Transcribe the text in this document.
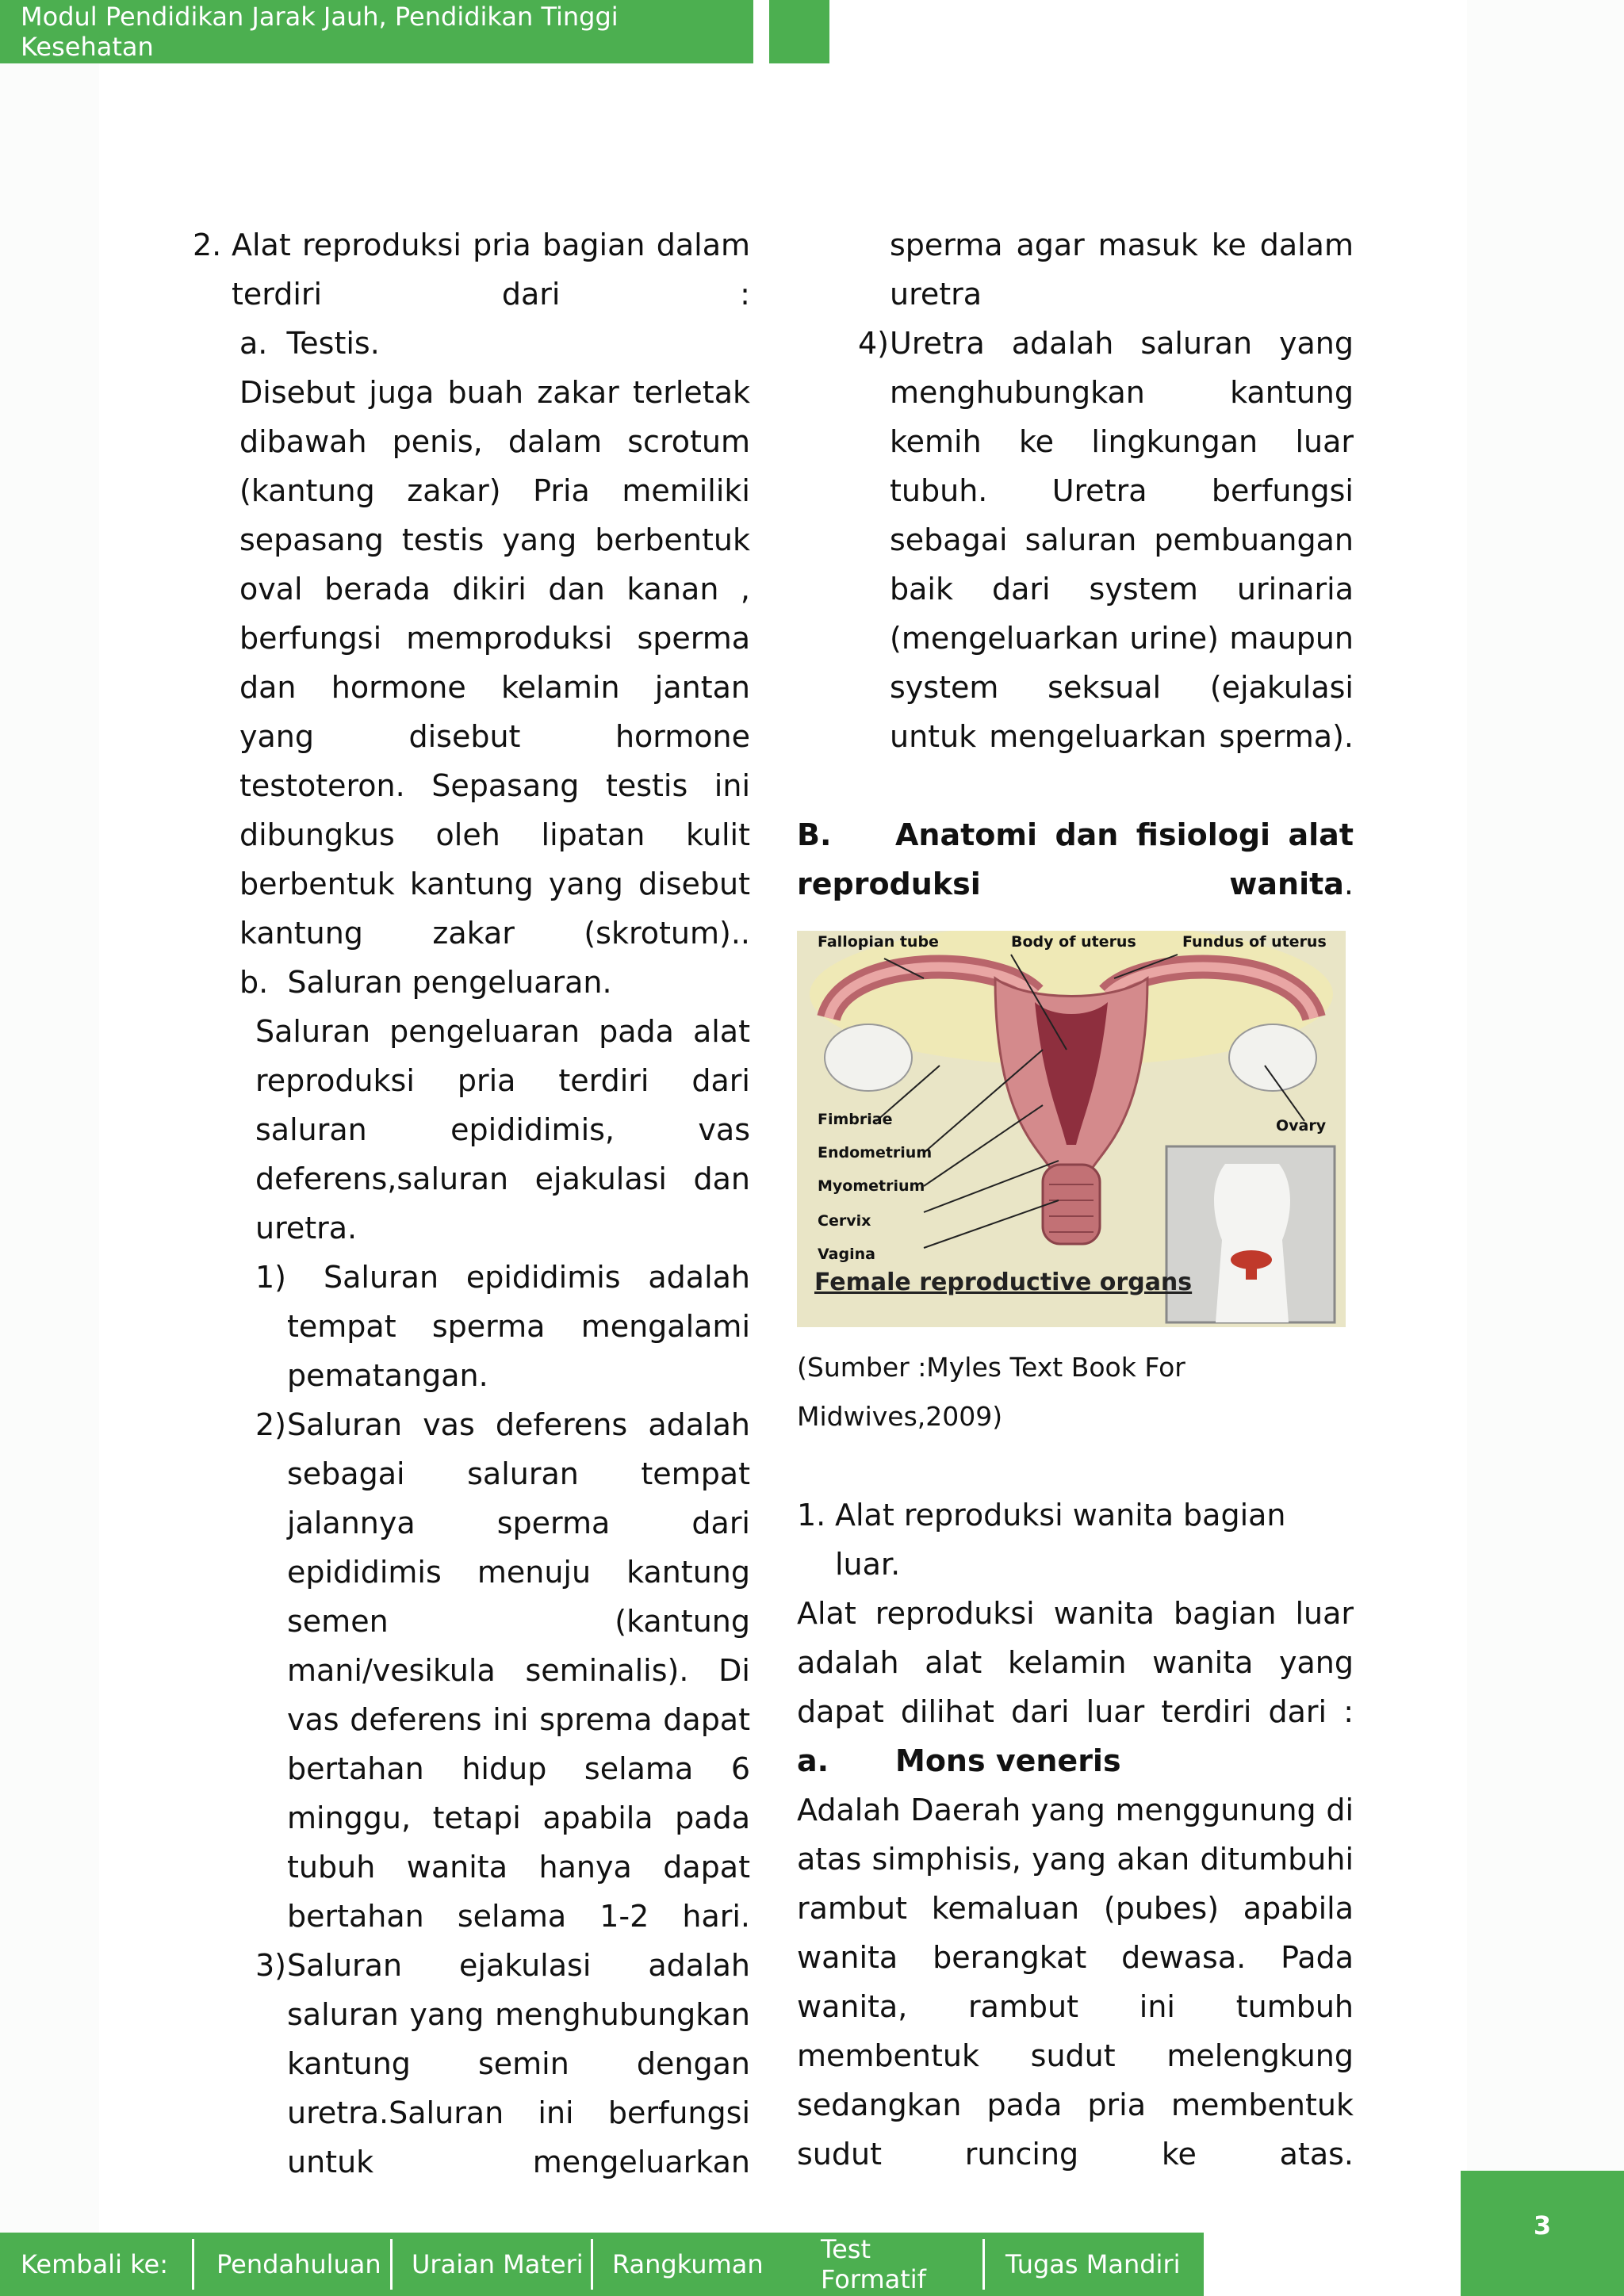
Modul Pendidikan Jarak Jauh, Pendidikan Tinggi Kesehatan
2. Alat reproduksi pria bagian dalam terdiri dari :

a. Testis.

Disebut juga buah zakar terletak dibawah penis, dalam scrotum (kantung zakar) Pria memiliki sepasang testis yang berbentuk oval berada dikiri dan kanan , berfungsi memproduksi sperma dan hormone kelamin jantan yang disebut hormone testoteron. Sepasang testis ini dibungkus oleh lipatan kulit berbentuk kantung yang disebut kantung zakar (skrotum)..

b. Saluran pengeluaran.

Saluran pengeluaran pada alat reproduksi pria terdiri dari saluran epididimis, vas deferens,saluran ejakulasi dan uretra.

1)	Saluran epididimis adalah tempat sperma mengalami pematangan.

2) Saluran vas deferens adalah sebagai saluran tempat jalannya sperma dari epididimis menuju kantung semen (kantung mani/vesikula seminalis). Di vas deferens ini sprema dapat bertahan hidup selama 6 minggu, tetapi apabila pada tubuh wanita hanya dapat bertahan selama 1-2 hari.

3) Saluran ejakulasi adalah saluran yang menghubungkan kantung semin dengan uretra.Saluran ini berfungsi untuk mengeluarkan

sperma agar masuk ke dalam uretra

4) Uretra adalah saluran yang menghubungkan kantung kemih ke lingkungan luar tubuh. Uretra berfungsi sebagai saluran pembuangan baik dari system urinaria (mengeluarkan urine) maupun system seksual (ejakulasi untuk mengeluarkan sperma).

B.	Anatomi dan fisiologi alat reproduksi wanita.

Fallopian tube	Body of uterus	Fundus of uterus
Fimbriae
Endometrium
Myometrium
Cervix
Vagina
Ovary
Female reproductive organs

(Sumber :Myles Text Book For Midwives,2009)

1. Alat reproduksi wanita bagian luar.

Alat reproduksi wanita bagian luar adalah alat kelamin wanita yang dapat dilihat dari luar terdiri dari :

a. Mons veneris

Adalah Daerah yang menggunung di atas simphisis, yang akan ditumbuhi rambut kemaluan (pubes) apabila wanita berangkat dewasa. Pada wanita, rambut ini tumbuh membentuk sudut melengkung sedangkan pada pria membentuk sudut runcing ke atas.

Kembali ke:	Pendahuluan	Uraian Materi	Rangkuman	Test Formatif	Tugas Mandiri
3
